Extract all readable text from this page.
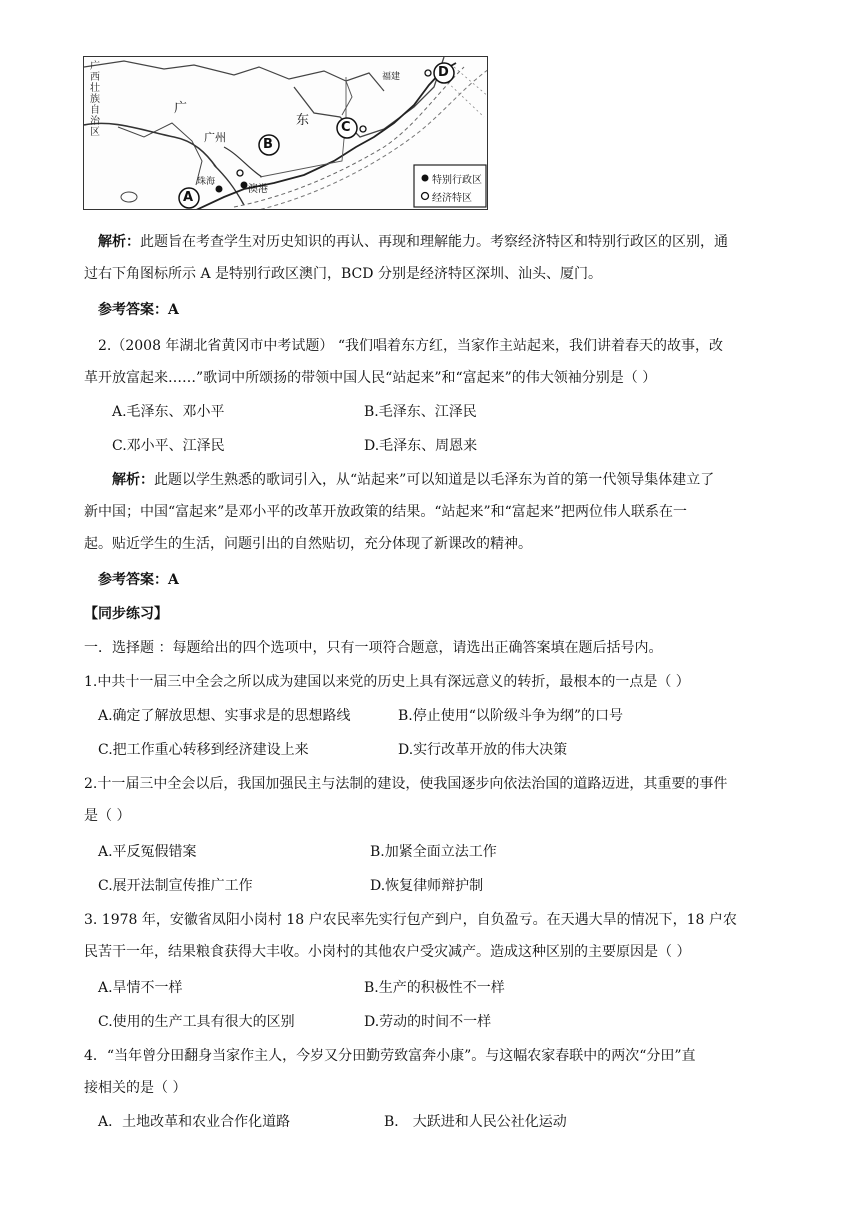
广西壮族自治区
广
广州
东
福建
珠海
澳港
A
B
C
D
特别行政区
经济特区
解析：此题旨在考查学生对历史知识的再认、再现和理解能力。考察经济特区和特别行政区的区别，通
过右下角图标所示 A 是特别行政区澳门，BCD 分别是经济特区深圳、汕头、厦门。
参考答案：A
2.（2008 年湖北省黄冈市中考试题） “我们唱着东方红，当家作主站起来，我们讲着春天的故事，改
革开放富起来……”歌词中所颂扬的带领中国人民“站起来”和“富起来”的伟大领袖分别是（ ）
A.毛泽东、邓小平	B.毛泽东、江泽民
C.邓小平、江泽民	D.毛泽东、周恩来
解析：此题以学生熟悉的歌词引入，从“站起来”可以知道是以毛泽东为首的第一代领导集体建立了
新中国；中国“富起来”是邓小平的改革开放政策的结果。“站起来”和“富起来”把两位伟人联系在一
起。贴近学生的生活，问题引出的自然贴切，充分体现了新课改的精神。
参考答案：A
【同步练习】
一．选择题 ：每题给出的四个选项中，只有一项符合题意，请选出正确答案填在题后括号内。
1.中共十一届三中全会之所以成为建国以来党的历史上具有深远意义的转折，最根本的一点是（ ）
A.确定了解放思想、实事求是的思想路线	B.停止使用“以阶级斗争为纲”的口号
C.把工作重心转移到经济建设上来	D.实行改革开放的伟大决策
2.十一届三中全会以后，我国加强民主与法制的建设，使我国逐步向依法治国的道路迈进，其重要的事件
是（ ）
A.平反冤假错案	B.加紧全面立法工作
C.展开法制宣传推广工作	D.恢复律师辩护制
3. 1978 年，安徽省凤阳小岗村 18 户农民率先实行包产到户，自负盈亏。在天遇大旱的情况下，18 户农
民苦干一年，结果粮食获得大丰收。小岗村的其他农户受灾减产。造成这种区别的主要原因是（ ）
A.旱情不一样	B.生产的积极性不一样
C.使用的生产工具有很大的区别	D.劳动的时间不一样
4．“当年曾分田翻身当家作主人，今岁又分田勤劳致富奔小康”。与这幅农家春联中的两次“分田”直
接相关的是（ ）
A．土地改革和农业合作化道路	B． 大跃进和人民公社化运动
